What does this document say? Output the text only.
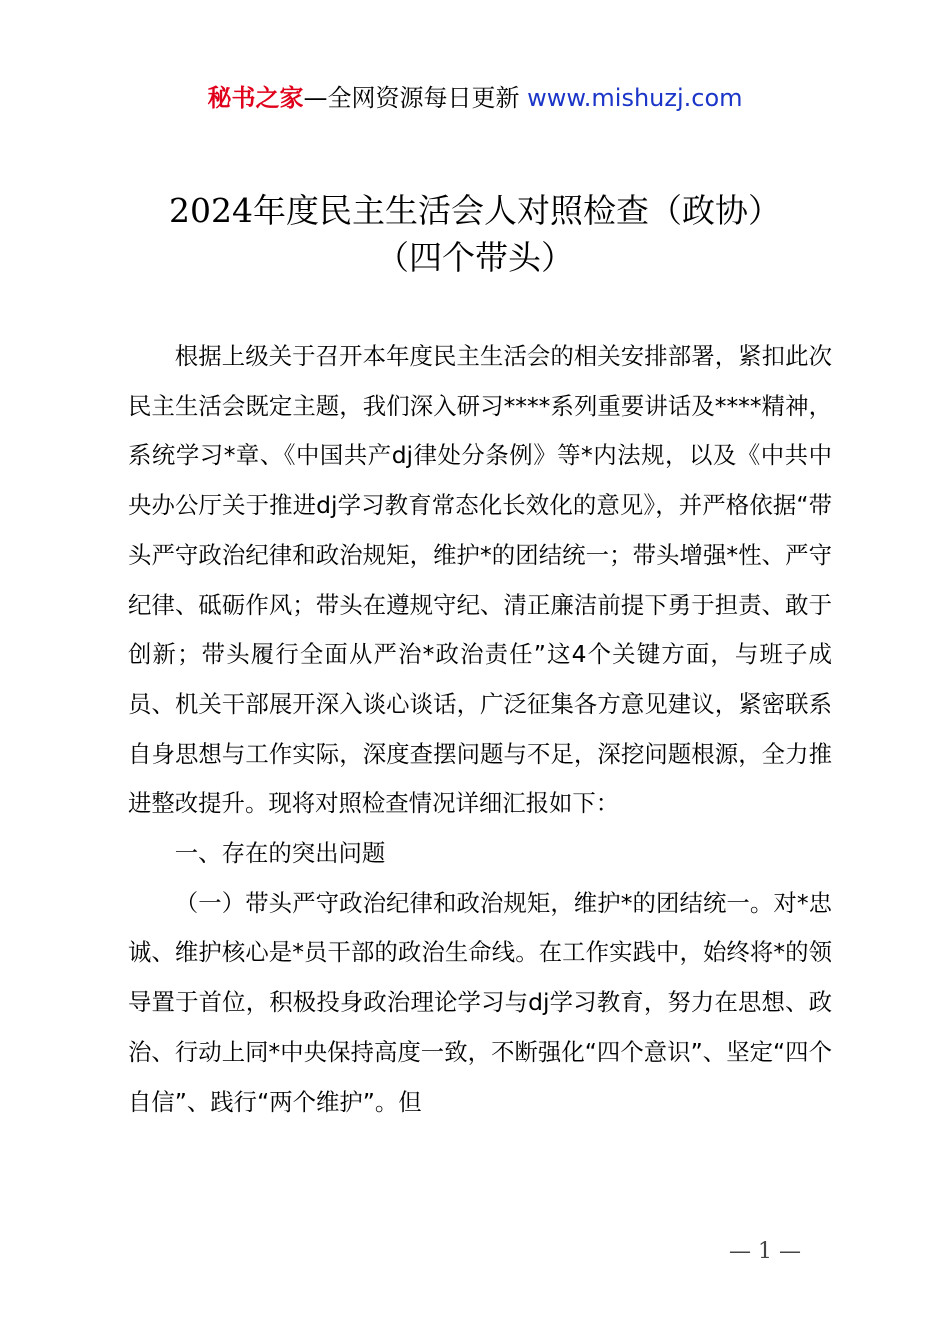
秘书之家—全网资源每日更新 www.mishuzj.com
2024年度民主生活会人对照检查（政协）
（四个带头）

根据上级关于召开本年度民主生活会的相关安排部署，紧扣此次民主生活会既定主题，我们深入研习****系列重要讲话及****精神，系统学习*章、《中国共产dj律处分条例》等*内法规，以及《中共中央办公厅关于推进dj学习教育常态化长效化的意见》，并严格依据“带头严守政治纪律和政治规矩，维护*的团结统一；带头增强*性、严守纪律、砥砺作风；带头在遵规守纪、清正廉洁前提下勇于担责、敢于创新；带头履行全面从严治*政治责任”这4个关键方面，与班子成员、机关干部展开深入谈心谈话，广泛征集各方意见建议，紧密联系自身思想与工作实际，深度查摆问题与不足，深挖问题根源，全力推进整改提升。现将对照检查情况详细汇报如下：

一、存在的突出问题

（一）带头严守政治纪律和政治规矩，维护*的团结统一。对*忠诚、维护核心是*员干部的政治生命线。在工作实践中，始终将*的领导置于首位，积极投身政治理论学习与dj学习教育，努力在思想、政治、行动上同*中央保持高度一致，不断强化“四个意识”、坚定“四个自信”、践行“两个维护”。但

— 1 —
